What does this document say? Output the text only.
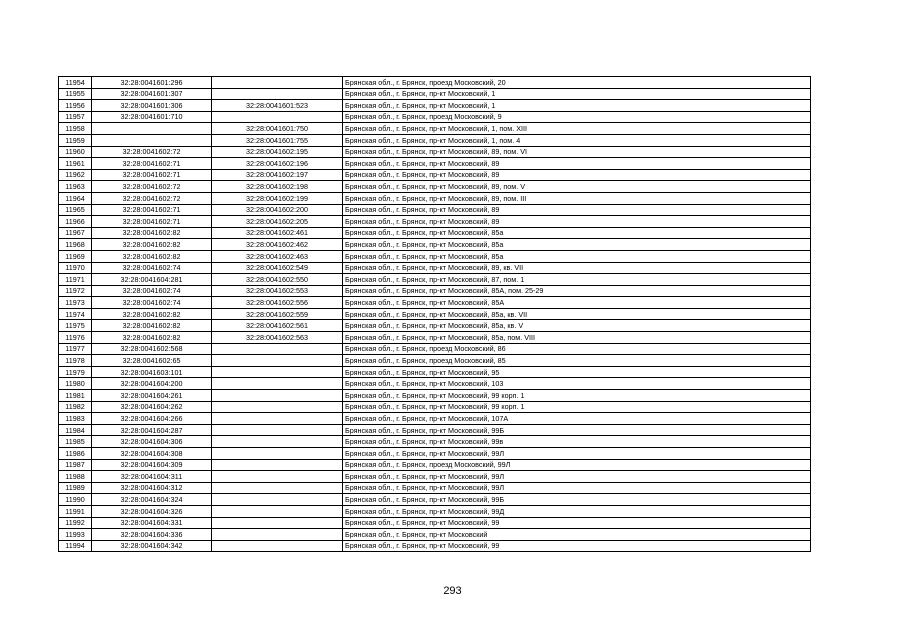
11954	32:28:0041601:296		Брянская обл., г. Брянск, проезд Московский, 20
11955	32:28:0041601:307		Брянская обл., г. Брянск, пр-кт Московский, 1
11956	32:28:0041601:306	32:28:0041601:523	Брянская обл., г. Брянск, пр-кт Московский, 1
11957	32:28:0041601:710		Брянская обл., г. Брянск, проезд Московский, 9
11958		32:28:0041601:750	Брянская обл., г. Брянск, пр-кт Московский, 1, пом. XIII
11959		32:28:0041601:755	Брянская обл., г. Брянск, пр-кт Московский, 1, пом. 4
11960	32:28:0041602:72	32:28:0041602:195	Брянская обл., г. Брянск, пр-кт Московский, 89, пом. VI
11961	32:28:0041602:71	32:28:0041602:196	Брянская обл., г. Брянск, пр-кт Московский, 89
11962	32:28:0041602:71	32:28:0041602:197	Брянская обл., г. Брянск, пр-кт Московский, 89
11963	32:28:0041602:72	32:28:0041602:198	Брянская обл., г. Брянск, пр-кт Московский, 89, пом. V
11964	32:28:0041602:72	32:28:0041602:199	Брянская обл., г. Брянск, пр-кт Московский, 89, пом. III
11965	32:28:0041602:71	32:28:0041602:200	Брянская обл., г. Брянск, пр-кт Московский, 89
11966	32:28:0041602:71	32:28:0041602:205	Брянская обл., г. Брянск, пр-кт Московский, 89
11967	32:28:0041602:82	32:28:0041602:461	Брянская обл., г. Брянск, пр-кт Московский, 85а
11968	32:28:0041602:82	32:28:0041602:462	Брянская обл., г. Брянск, пр-кт Московский, 85а
11969	32:28:0041602:82	32:28:0041602:463	Брянская обл., г. Брянск, пр-кт Московский, 85а
11970	32:28:0041602:74	32:28:0041602:549	Брянская обл., г. Брянск, пр-кт Московский, 89, кв. VII
11971	32:28:0041604:281	32:28:0041602:550	Брянская обл., г. Брянск, пр-кт Московский, 87, пом. 1
11972	32:28:0041602:74	32:28:0041602:553	Брянская обл., г. Брянск, пр-кт Московский, 85А, пом. 25-29
11973	32:28:0041602:74	32:28:0041602:556	Брянская обл., г. Брянск, пр-кт Московский, 85А
11974	32:28:0041602:82	32:28:0041602:559	Брянская обл., г. Брянск, пр-кт Московский, 85а, кв. VII
11975	32:28:0041602:82	32:28:0041602:561	Брянская обл., г. Брянск, пр-кт Московский, 85а, кв. V
11976	32:28:0041602:82	32:28:0041602:563	Брянская обл., г. Брянск, пр-кт Московский, 85а, пом. VIII
11977	32:28:0041602:568		Брянская обл., г. Брянск, проезд Московский, 86
11978	32:28:0041602:65		Брянская обл., г. Брянск, проезд Московский, 85
11979	32:28:0041603:101		Брянская обл., г. Брянск, пр-кт Московский, 95
11980	32:28:0041604:200		Брянская обл., г. Брянск, пр-кт Московский, 103
11981	32:28:0041604:261		Брянская обл., г. Брянск, пр-кт Московский, 99 корп. 1
11982	32:28:0041604:262		Брянская обл., г. Брянск, пр-кт Московский, 99 корп. 1
11983	32:28:0041604:266		Брянская обл., г. Брянск, пр-кт Московский, 107А
11984	32:28:0041604:287		Брянская обл., г. Брянск, пр-кт Московский, 99Б
11985	32:28:0041604:306		Брянская обл., г. Брянск, пр-кт Московский, 99в
11986	32:28:0041604:308		Брянская обл., г. Брянск, пр-кт Московский, 99Л
11987	32:28:0041604:309		Брянская обл., г. Брянск, проезд Московский, 99Л
11988	32:28:0041604:311		Брянская обл., г. Брянск, пр-кт Московский, 99Л
11989	32:28:0041604:312		Брянская обл., г. Брянск, пр-кт Московский, 99Л
11990	32:28:0041604:324		Брянская обл., г. Брянск, пр-кт Московский, 99Б
11991	32:28:0041604:326		Брянская обл., г. Брянск, пр-кт Московский, 99Д
11992	32:28:0041604:331		Брянская обл., г. Брянск, пр-кт Московский, 99
11993	32:28:0041604:336		Брянская обл., г. Брянск, пр-кт Московский
11994	32:28:0041604:342		Брянская обл., г. Брянск, пр-кт Московский, 99
293
